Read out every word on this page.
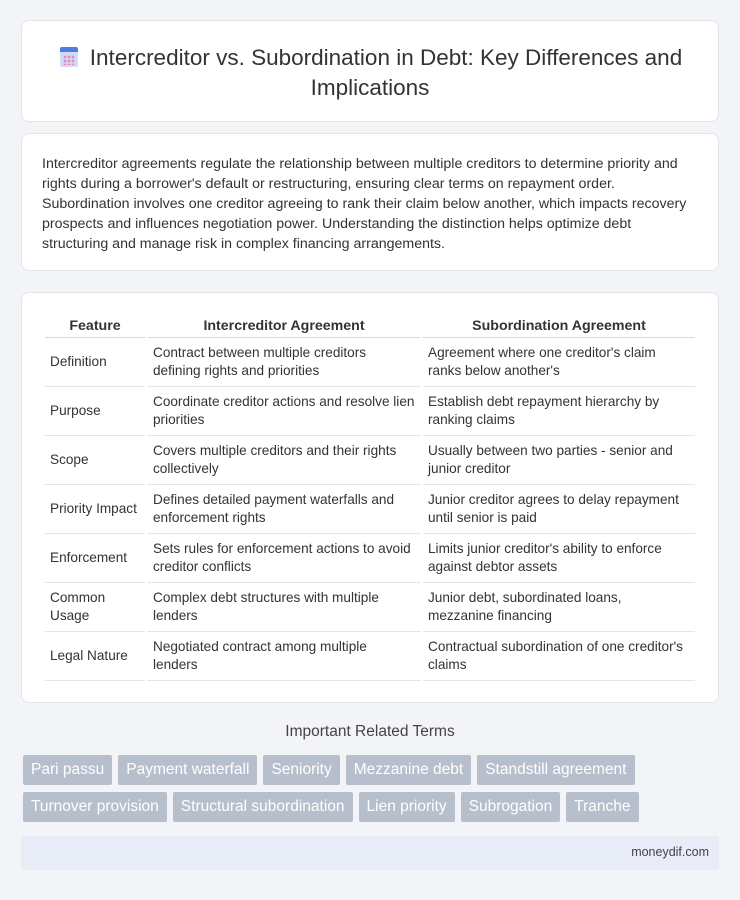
Intercreditor vs. Subordination in Debt: Key Differences and Implications

Intercreditor agreements regulate the relationship between multiple creditors to determine priority and rights during a borrower's default or restructuring, ensuring clear terms on repayment order. Subordination involves one creditor agreeing to rank their claim below another, which impacts recovery prospects and influences negotiation power. Understanding the distinction helps optimize debt structuring and manage risk in complex financing arrangements.

Feature	Intercreditor Agreement	Subordination Agreement
Definition	Contract between multiple creditors defining rights and priorities	Agreement where one creditor's claim ranks below another's
Purpose	Coordinate creditor actions and resolve lien priorities	Establish debt repayment hierarchy by ranking claims
Scope	Covers multiple creditors and their rights collectively	Usually between two parties - senior and junior creditor
Priority Impact	Defines detailed payment waterfalls and enforcement rights	Junior creditor agrees to delay repayment until senior is paid
Enforcement	Sets rules for enforcement actions to avoid creditor conflicts	Limits junior creditor's ability to enforce against debtor assets
Common Usage	Complex debt structures with multiple lenders	Junior debt, subordinated loans, mezzanine financing
Legal Nature	Negotiated contract among multiple lenders	Contractual subordination of one creditor's claims
Important Related Terms
Pari passu	Payment waterfall	Seniority	Mezzanine debt	Standstill agreement
Turnover provision	Structural subordination	Lien priority	Subrogation	Tranche
moneydif.com
